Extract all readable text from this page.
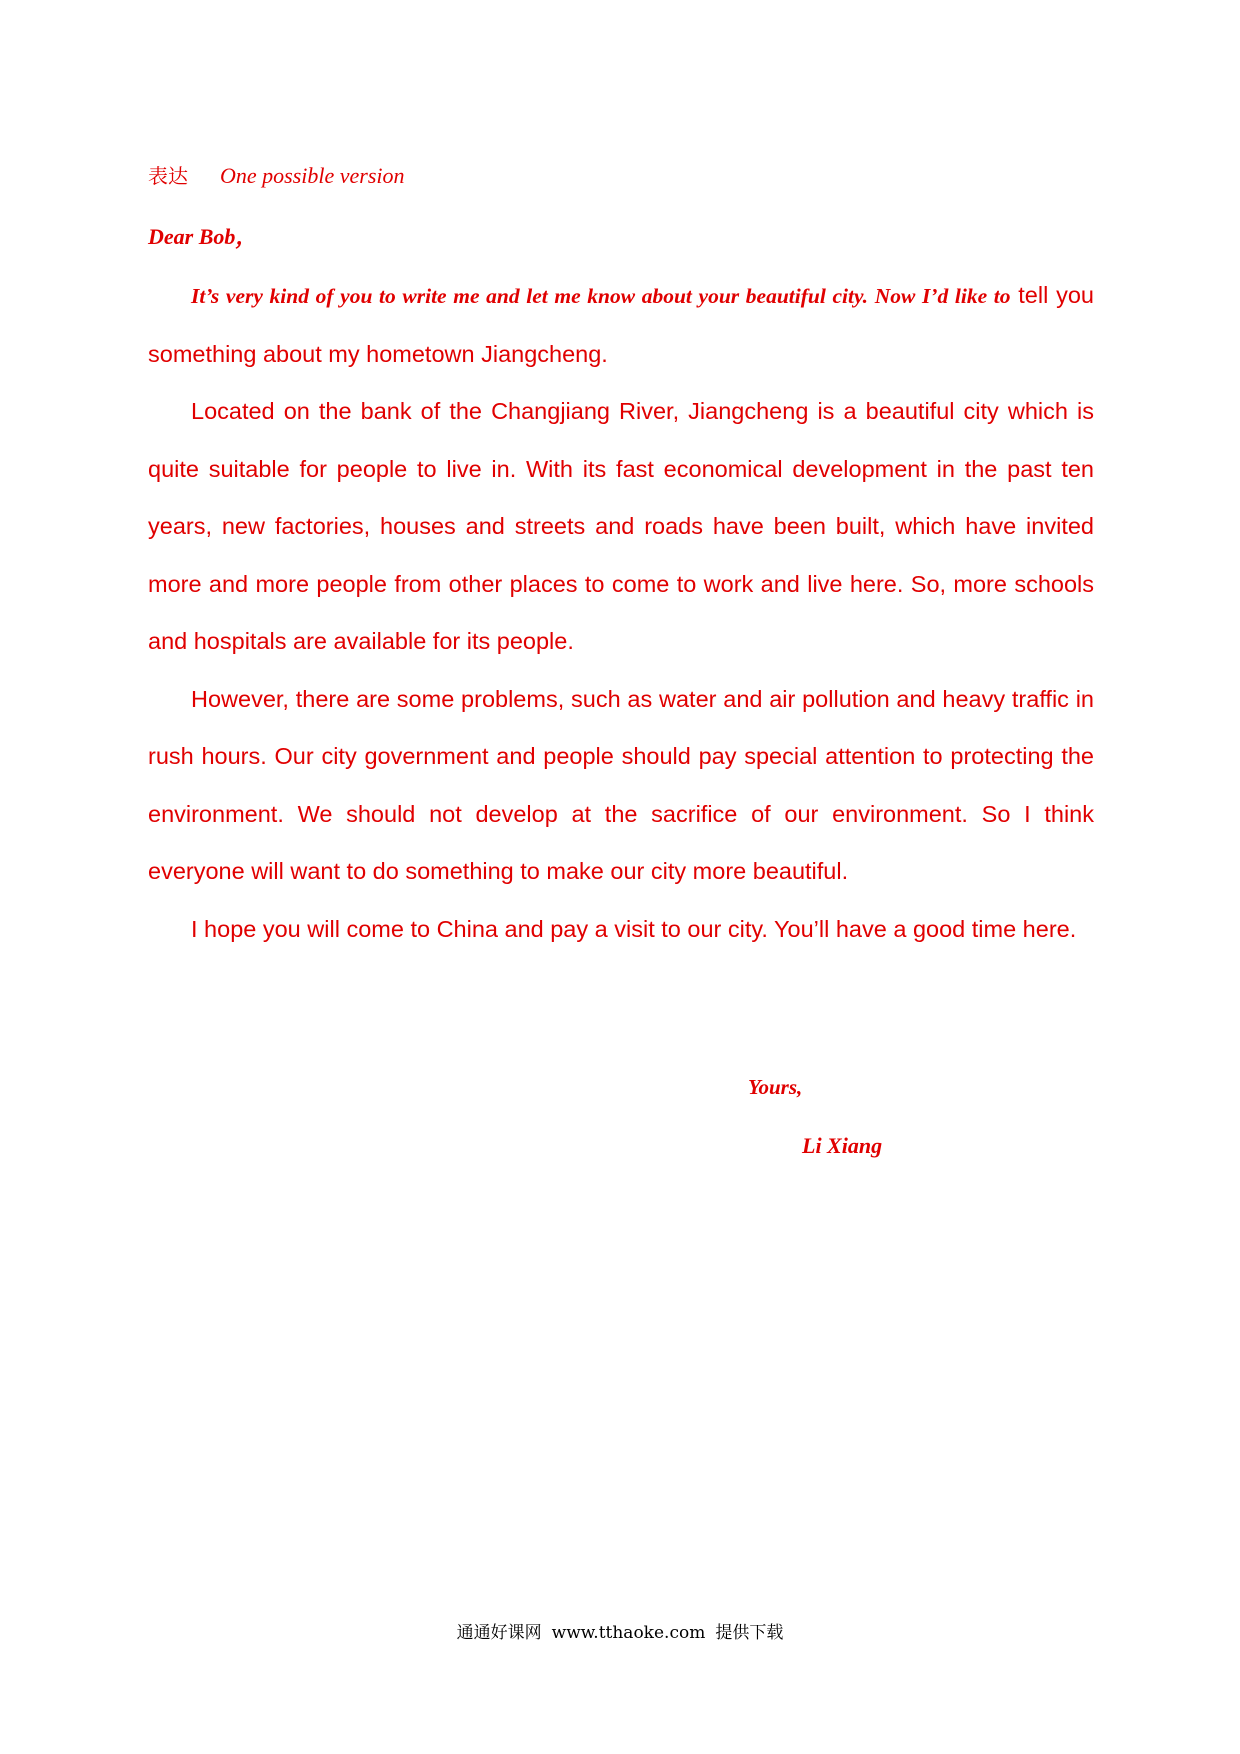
表达 One possible version
Dear Bob，

It’s very kind of you to write me and let me know about your beautiful city. Now I’d like to tell you something about my hometown Jiangcheng.

Located on the bank of the Changjiang River, Jiangcheng is a beautiful city which is quite suitable for people to live in. With its fast economical development in the past ten years, new factories, houses and streets and roads have been built, which have invited more and more people from other places to come to work and live here. So, more schools and hospitals are available for its people.

However, there are some problems, such as water and air pollution and heavy traffic in rush hours. Our city government and people should pay special attention to protecting the environment. We should not develop at the sacrifice of our environment. So I think everyone will want to do something to make our city more beautiful.

I hope you will come to China and pay a visit to our city. You’ll have a good time here.

Yours,
Li Xiang
通通好课网 www.tthaoke.com 提供下载
